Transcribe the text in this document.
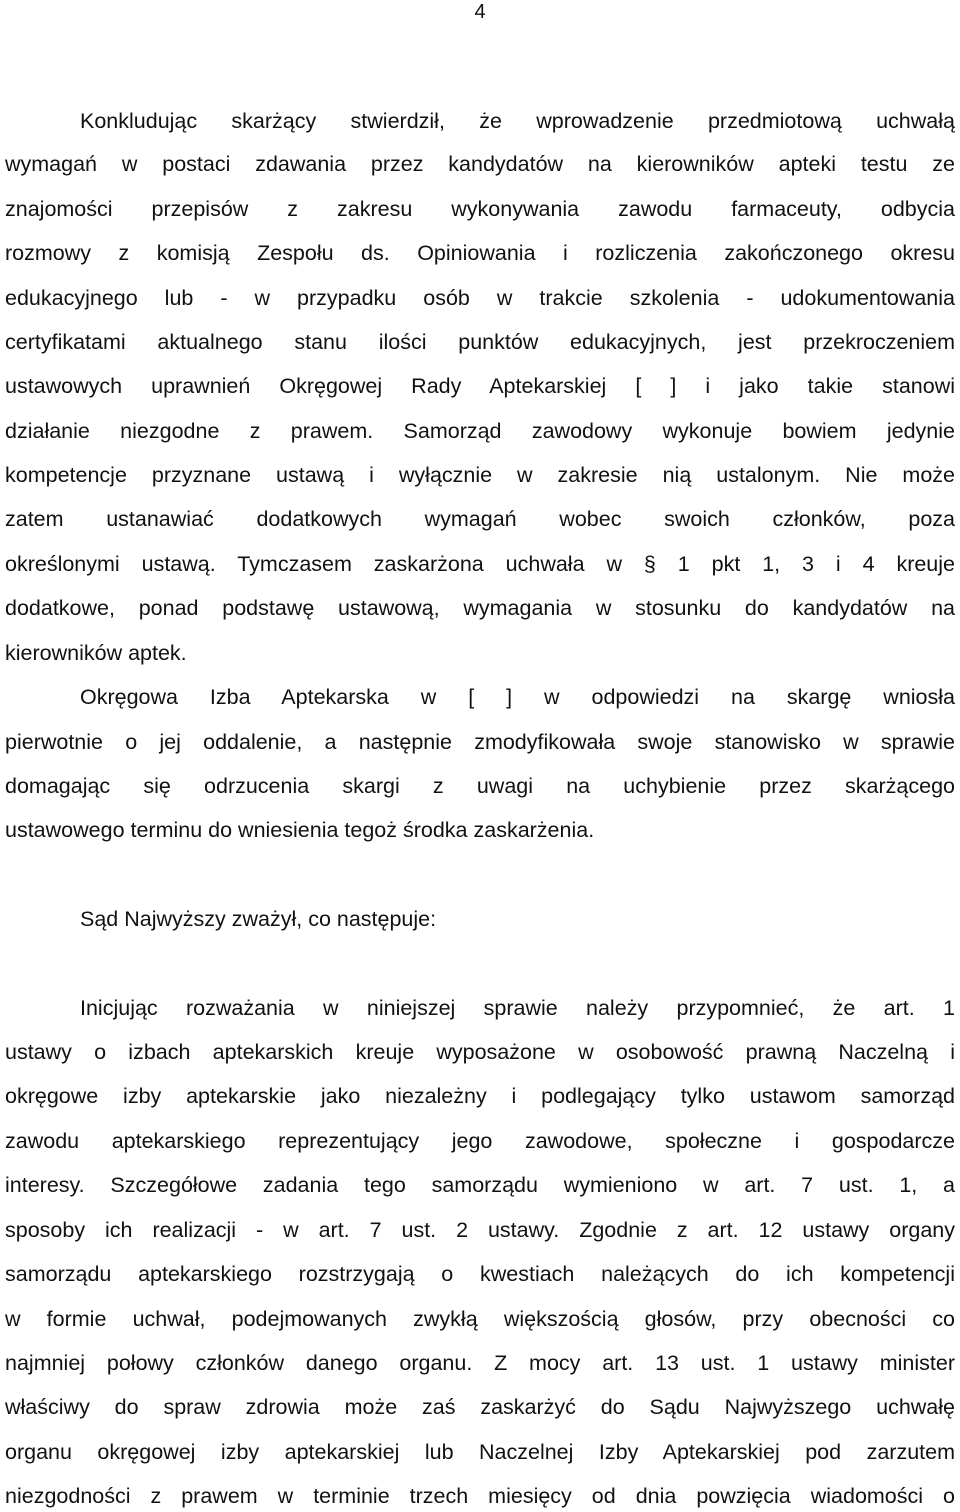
4
Konkludując skarżący stwierdził, że wprowadzenie przedmiotową uchwałą
wymagań w postaci zdawania przez kandydatów na kierowników apteki testu ze
znajomości przepisów z zakresu wykonywania zawodu farmaceuty, odbycia
rozmowy z komisją Zespołu ds. Opiniowania i rozliczenia zakończonego okresu
edukacyjnego lub - w przypadku osób w trakcie szkolenia - udokumentowania
certyfikatami aktualnego stanu ilości punktów edukacyjnych, jest przekroczeniem
ustawowych uprawnień Okręgowej Rady Aptekarskiej [ ] i jako takie stanowi
działanie niezgodne z prawem. Samorząd zawodowy wykonuje bowiem jedynie
kompetencje przyznane ustawą i wyłącznie w zakresie nią ustalonym. Nie może
zatem ustanawiać dodatkowych wymagań wobec swoich członków, poza
określonymi ustawą. Tymczasem zaskarżona uchwała w § 1 pkt 1, 3 i 4 kreuje
dodatkowe, ponad podstawę ustawową, wymagania w stosunku do kandydatów na
kierowników aptek.
Okręgowa Izba Aptekarska w [ ] w odpowiedzi na skargę wniosła
pierwotnie o jej oddalenie, a następnie zmodyfikowała swoje stanowisko w sprawie
domagając się odrzucenia skargi z uwagi na uchybienie przez skarżącego
ustawowego terminu do wniesienia tegoż środka zaskarżenia.
Sąd Najwyższy zważył, co następuje:
Inicjując rozważania w niniejszej sprawie należy przypomnieć, że art. 1
ustawy o izbach aptekarskich kreuje wyposażone w osobowość prawną Naczelną i
okręgowe izby aptekarskie jako niezależny i podlegający tylko ustawom samorząd
zawodu aptekarskiego reprezentujący jego zawodowe, społeczne i gospodarcze
interesy. Szczegółowe zadania tego samorządu wymieniono w art. 7 ust. 1, a
sposoby ich realizacji - w art. 7 ust. 2 ustawy. Zgodnie z art. 12 ustawy organy
samorządu aptekarskiego rozstrzygają o kwestiach należących do ich kompetencji
w formie uchwał, podejmowanych zwykłą większością głosów, przy obecności co
najmniej połowy członków danego organu. Z mocy art. 13 ust. 1 ustawy minister
właściwy do spraw zdrowia może zaś zaskarżyć do Sądu Najwyższego uchwałę
organu okręgowej izby aptekarskiej lub Naczelnej Izby Aptekarskiej pod zarzutem
niezgodności z prawem w terminie trzech miesięcy od dnia powzięcia wiadomości o
